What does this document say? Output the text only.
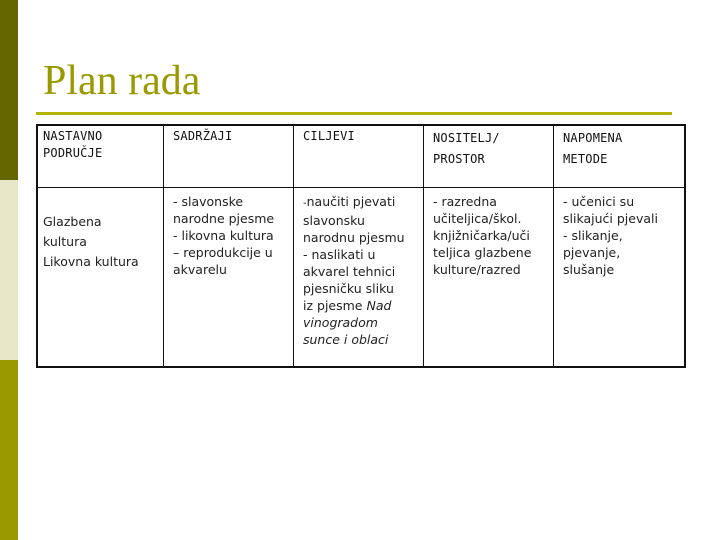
Plan rada
NASTAVNO
PODRUČJE
SADRŽAJI	CILJEVI	NOSITELJ/
PROSTOR
NAPOMENA
METODE
Glazbena
kultura
Likovna kultura
- slavonske
narodne pjesme
- likovna kultura
– reprodukcije u
akvarelu
-naučiti pjevati
slavonsku
narodnu pjesmu
- naslikati u
akvarel tehnici
pjesničku sliku
iz pjesme Nad
vinogradom
sunce i oblaci
- razredna
učiteljica/škol.
knjižničarka/uči
teljica glazbene
kulture/razred
- učenici su
slikajući pjevali
- slikanje,
pjevanje,
slušanje
